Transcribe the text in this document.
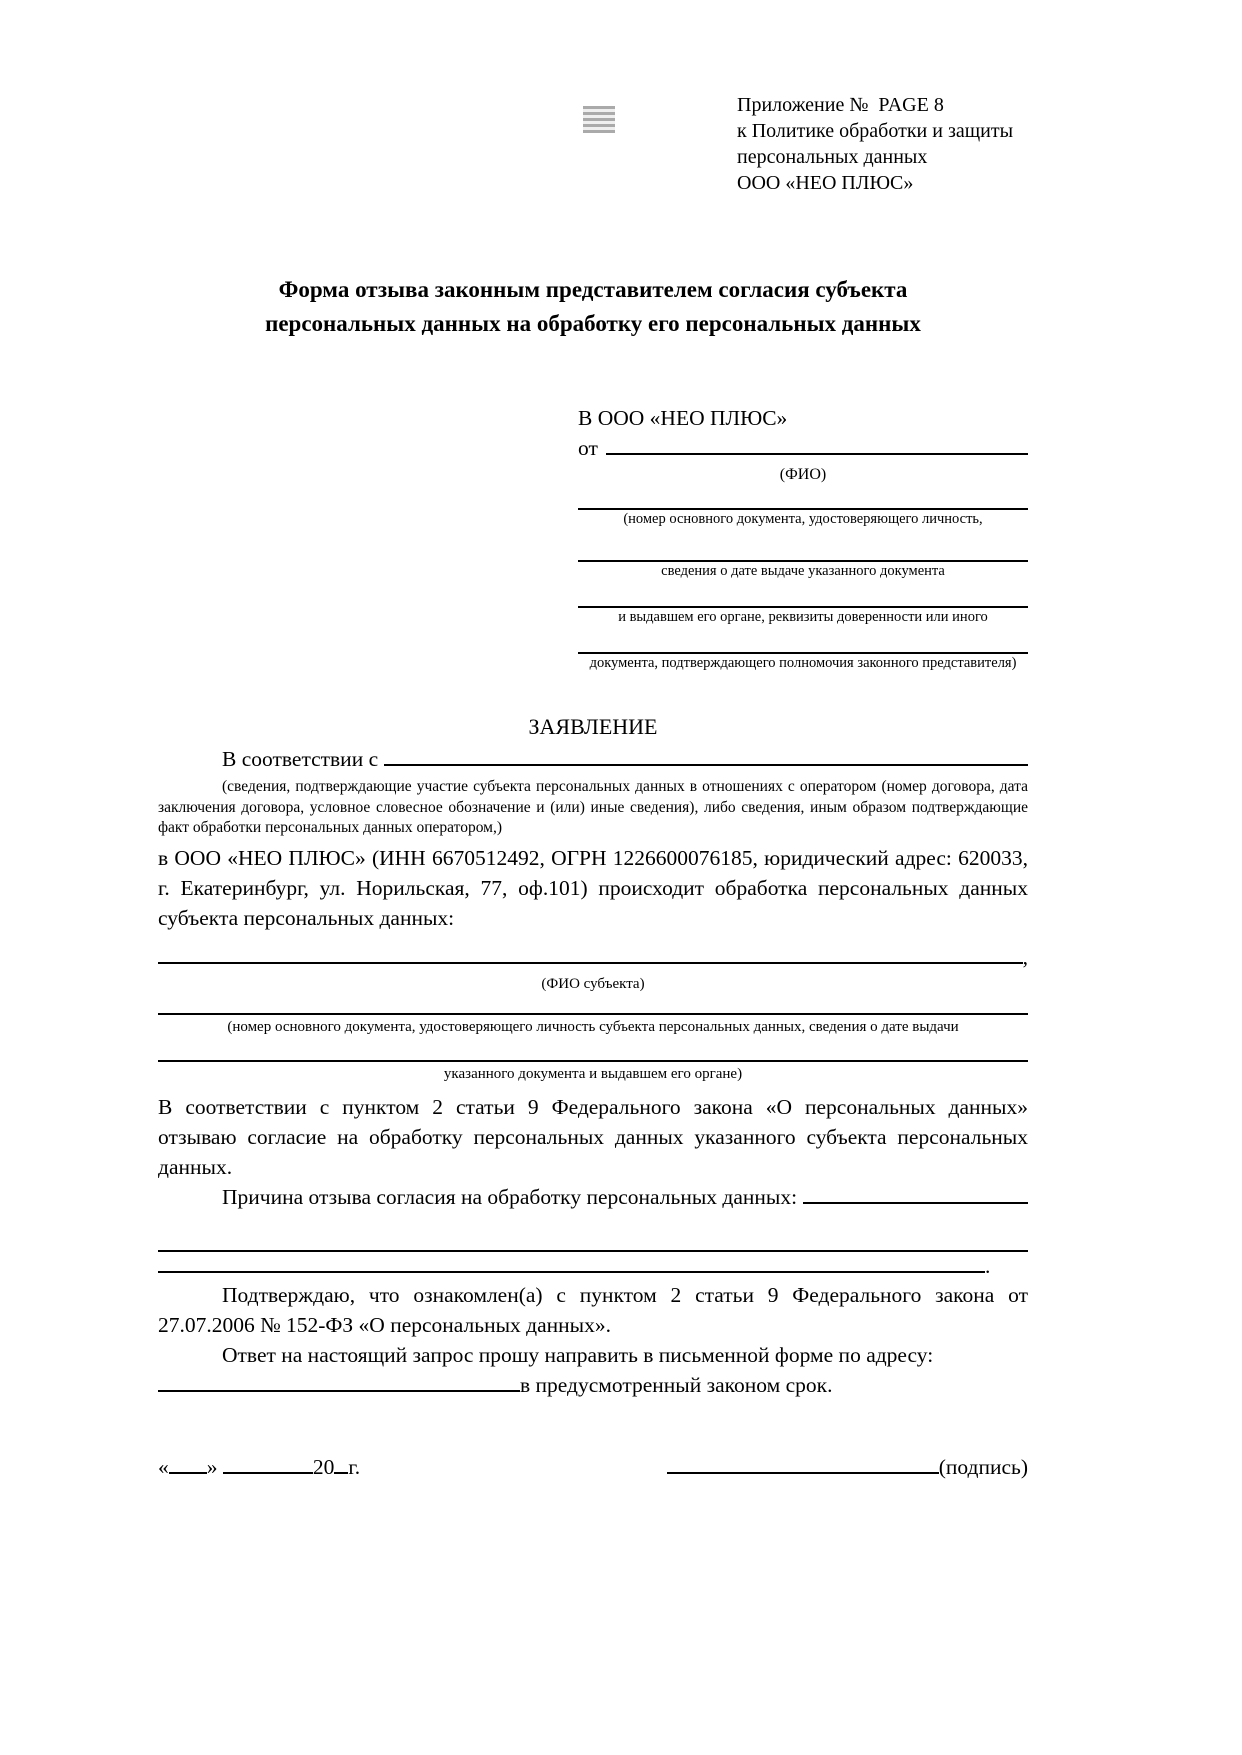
Приложение №  PAGE 8
к Политике обработки и защиты
персональных данных
ООО «НЕО ПЛЮС»
Форма отзыва законным представителем согласия субъекта
персональных данных на обработку его персональных данных
В ООО «НЕО ПЛЮС»
от
(ФИО)
(номер основного документа, удостоверяющего личность,
сведения о дате выдаче указанного документа
и выдавшем его органе, реквизиты доверенности или иного
документа, подтверждающего полномочия законного представителя)
ЗАЯВЛЕНИЕ
В соответствии с

(сведения, подтверждающие участие субъекта персональных данных в отношениях с оператором (номер договора, дата заключения договора, условное словесное обозначение и (или) иные сведения), либо сведения, иным образом подтверждающие факт обработки персональных данных оператором,)

в ООО «НЕО ПЛЮС» (ИНН 6670512492, ОГРН 1226600076185, юридический адрес: 620033, г. Екатеринбург, ул. Норильская, 77, оф.101) происходит обработка персональных данных субъекта персональных данных:

,
(ФИО субъекта)
(номер основного документа, удостоверяющего личность субъекта персональных данных, сведения о дате выдачи
указанного документа и выдавшем его органе)

В соответствии с пунктом 2 статьи 9 Федерального закона «О персональных данных» отзываю согласие на обработку персональных данных указанного субъекта персональных данных.

Причина отзыва согласия на обработку персональных данных:
.

Подтверждаю, что ознакомлен(а) с пунктом 2 статьи 9 Федерального закона от 27.07.2006 № 152-ФЗ «О персональных данных».

Ответ на настоящий запрос прошу направить в письменной форме по адресу:

в предусмотренный законом срок.
« »	20 г.	(подпись)
